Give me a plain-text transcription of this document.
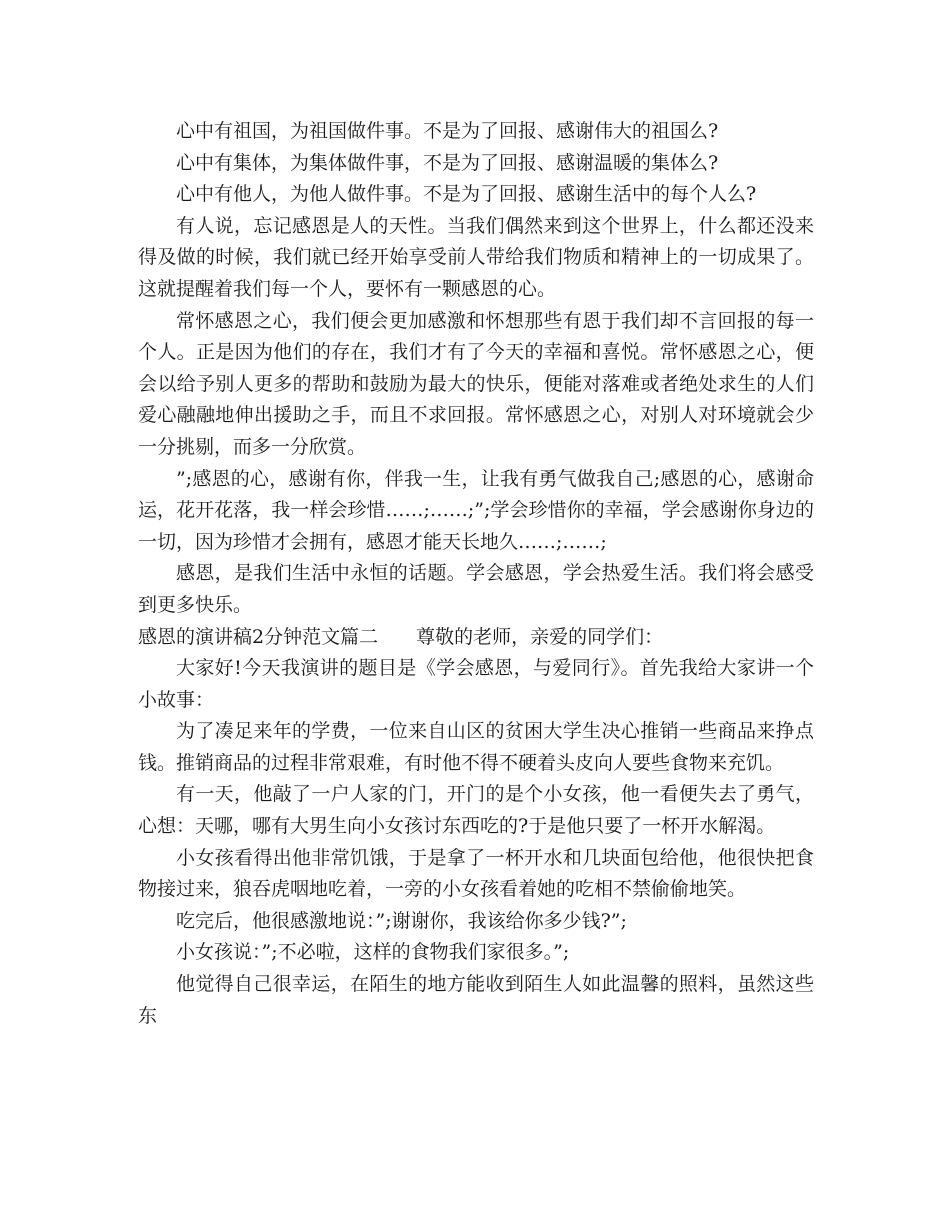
心中有祖国，为祖国做件事。不是为了回报、感谢伟大的祖国么?

心中有集体，为集体做件事，不是为了回报、感谢温暖的集体么?

心中有他人，为他人做件事。不是为了回报、感谢生活中的每个人么?

有人说，忘记感恩是人的天性。当我们偶然来到这个世界上，什么都还没来得及做的时候，我们就已经开始享受前人带给我们物质和精神上的一切成果了。这就提醒着我们每一个人，要怀有一颗感恩的心。

常怀感恩之心，我们便会更加感激和怀想那些有恩于我们却不言回报的每一个人。正是因为他们的存在，我们才有了今天的幸福和喜悦。常怀感恩之心，便会以给予别人更多的帮助和鼓励为最大的快乐，便能对落难或者绝处求生的人们爱心融融地伸出援助之手，而且不求回报。常怀感恩之心，对别人对环境就会少一分挑剔，而多一分欣赏。

”;感恩的心，感谢有你，伴我一生，让我有勇气做我自己;感恩的心，感谢命运，花开花落，我一样会珍惜……;……;”;学会珍惜你的幸福，学会感谢你身边的一切，因为珍惜才会拥有，感恩才能天长地久……;……;

感恩，是我们生活中永恒的话题。学会感恩，学会热爱生活。我们将会感受到更多快乐。

感恩的演讲稿2分钟范文篇二 尊敬的老师，亲爱的同学们：

大家好!今天我演讲的题目是《学会感恩，与爱同行》。首先我给大家讲一个小故事：

为了凑足来年的学费，一位来自山区的贫困大学生决心推销一些商品来挣点钱。推销商品的过程非常艰难，有时他不得不硬着头皮向人要些食物来充饥。

有一天，他敲了一户人家的门，开门的是个小女孩，他一看便失去了勇气，心想：天哪，哪有大男生向小女孩讨东西吃的?于是他只要了一杯开水解渴。

小女孩看得出他非常饥饿，于是拿了一杯开水和几块面包给他，他很快把食物接过来，狼吞虎咽地吃着，一旁的小女孩看着她的吃相不禁偷偷地笑。

吃完后，他很感激地说：”;谢谢你，我该给你多少钱?”;

小女孩说：”;不必啦，这样的食物我们家很多。”;

他觉得自己很幸运，在陌生的地方能收到陌生人如此温馨的照料，虽然这些东
